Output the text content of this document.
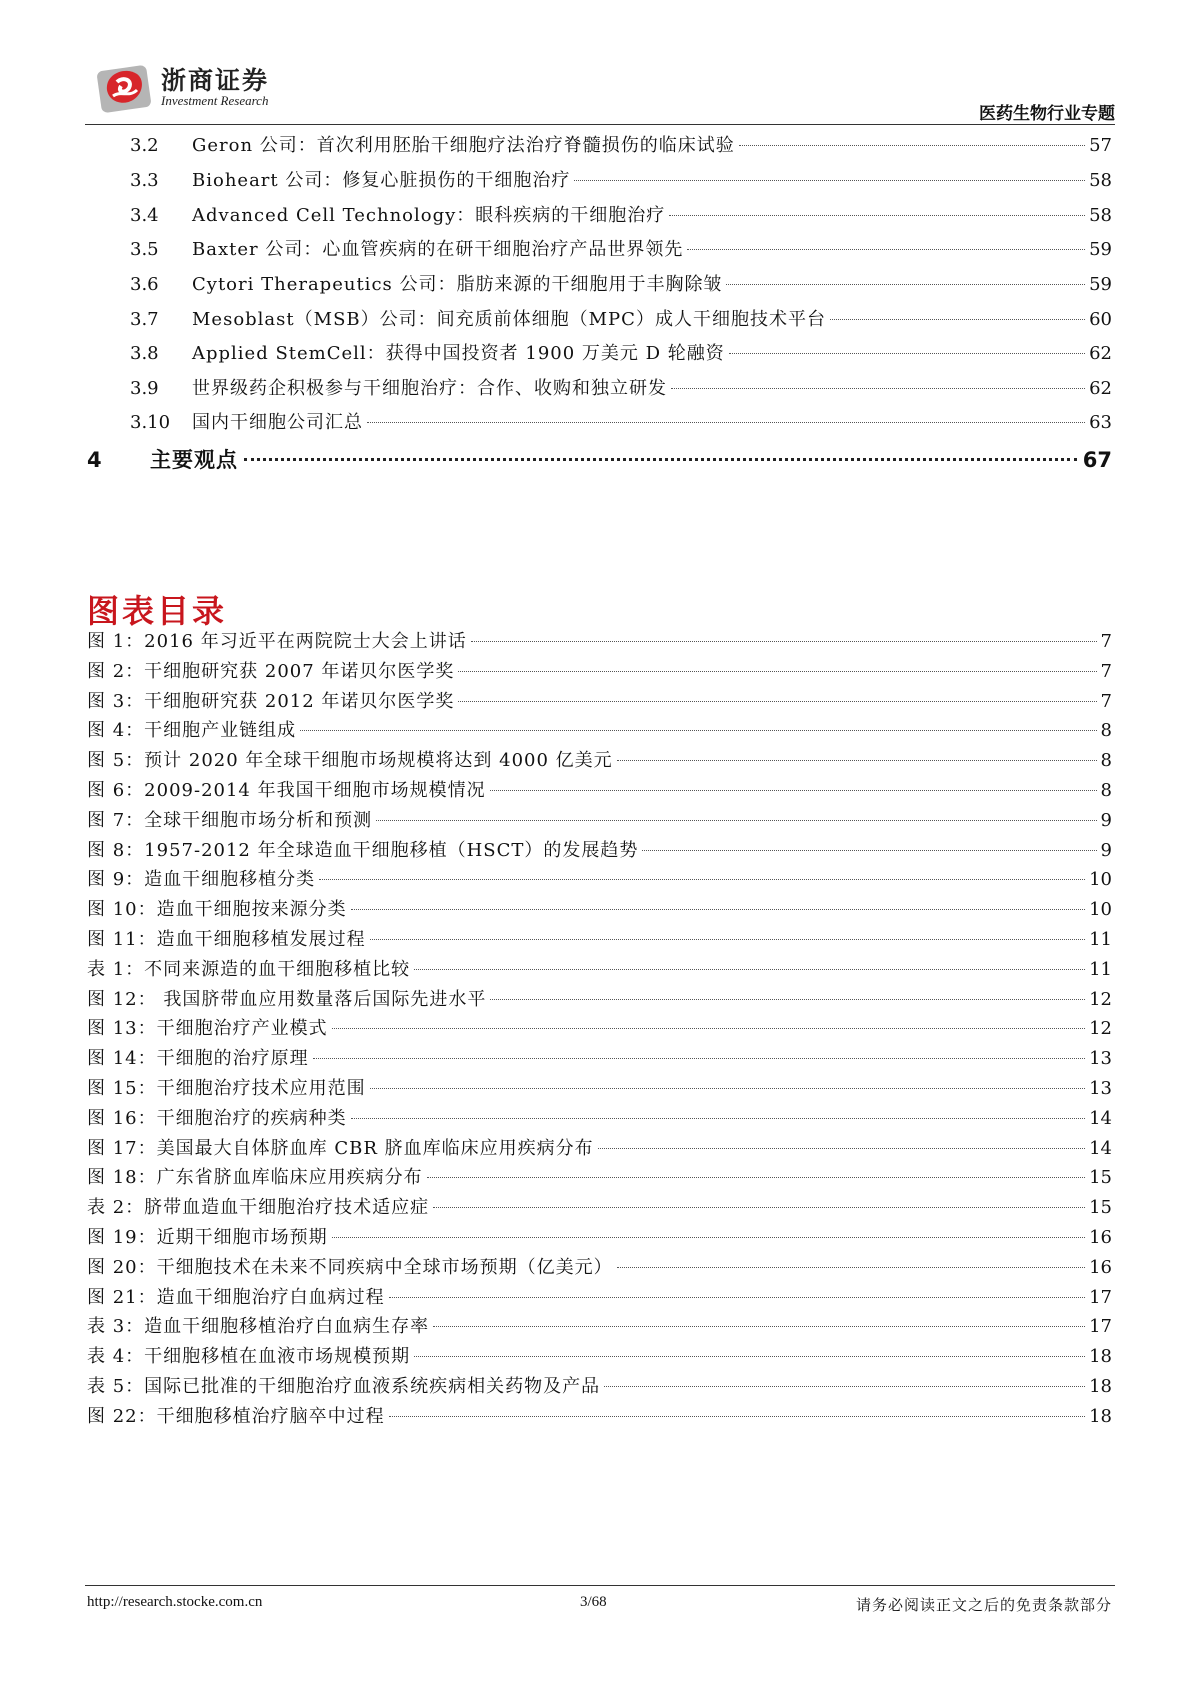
浙商证券
Investment Research
医药生物行业专题
3.2	Geron 公司：首次利用胚胎干细胞疗法治疗脊髓损伤的临床试验	57
3.3	Bioheart 公司：修复心脏损伤的干细胞治疗	58
3.4	Advanced Cell Technology：眼科疾病的干细胞治疗	58
3.5	Baxter 公司：心血管疾病的在研干细胞治疗产品世界领先	59
3.6	Cytori Therapeutics 公司：脂肪来源的干细胞用于丰胸除皱	59
3.7	Mesoblast（MSB）公司：间充质前体细胞（MPC）成人干细胞技术平台	60
3.8	Applied StemCell：获得中国投资者 1900 万美元 D 轮融资	62
3.9	世界级药企积极参与干细胞治疗：合作、收购和独立研发	62
3.10	国内干细胞公司汇总	63
4 主要观点	67
图表目录
图 1：2016 年习近平在两院院士大会上讲话	7
图 2：干细胞研究获 2007 年诺贝尔医学奖	7
图 3：干细胞研究获 2012 年诺贝尔医学奖	7
图 4：干细胞产业链组成	8
图 5：预计 2020 年全球干细胞市场规模将达到 4000 亿美元	8
图 6：2009-2014 年我国干细胞市场规模情况	8
图 7：全球干细胞市场分析和预测	9
图 8：1957-2012 年全球造血干细胞移植（HSCT）的发展趋势	9
图 9：造血干细胞移植分类	10
图 10：造血干细胞按来源分类	10
图 11：造血干细胞移植发展过程	11
表 1：不同来源造的血干细胞移植比较	11
图 12： 我国脐带血应用数量落后国际先进水平	12
图 13：干细胞治疗产业模式	12
图 14：干细胞的治疗原理	13
图 15：干细胞治疗技术应用范围	13
图 16：干细胞治疗的疾病种类	14
图 17：美国最大自体脐血库 CBR 脐血库临床应用疾病分布	14
图 18：广东省脐血库临床应用疾病分布	15
表 2：脐带血造血干细胞治疗技术适应症	15
图 19：近期干细胞市场预期	16
图 20：干细胞技术在未来不同疾病中全球市场预期（亿美元）	16
图 21：造血干细胞治疗白血病过程	17
表 3：造血干细胞移植治疗白血病生存率	17
表 4：干细胞移植在血液市场规模预期	18
表 5：国际已批准的干细胞治疗血液系统疾病相关药物及产品	18
图 22：干细胞移植治疗脑卒中过程	18
http://research.stocke.com.cn	3/68	请务必阅读正文之后的免责条款部分
